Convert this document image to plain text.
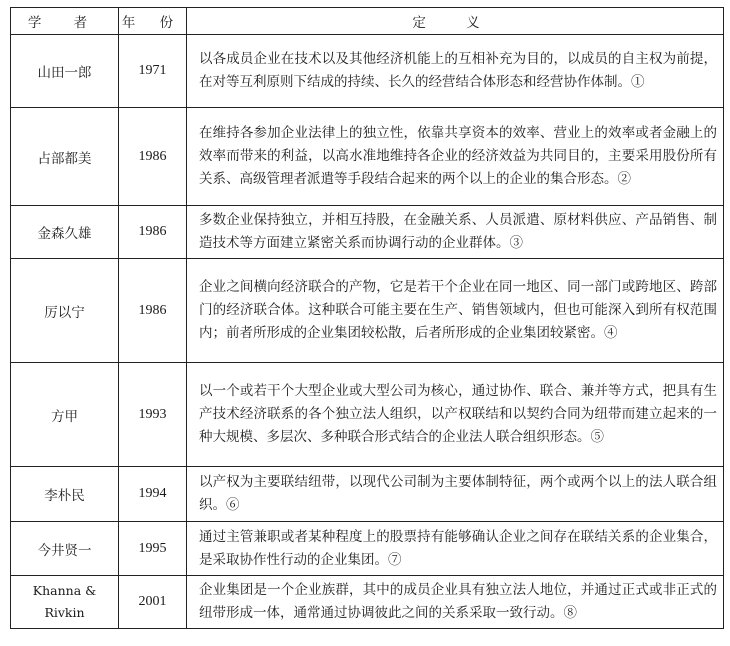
学 者	年 份	定 义
山田一郎	1971	以各成员企业在技术以及其他经济机能上的互相补充为目的，以成员的自主权为前提，在对等互利原则下结成的持续、长久的经营结合体形态和经营协作体制。①
占部都美	1986	在维持各参加企业法律上的独立性，依靠共享资本的效率、营业上的效率或者金融上的效率而带来的利益，以高水准地维持各企业的经济效益为共同目的，主要采用股份所有关系、高级管理者派遣等手段结合起来的两个以上的企业的集合形态。②
金森久雄	1986	多数企业保持独立，并相互持股，在金融关系、人员派遣、原材料供应、产品销售、制造技术等方面建立紧密关系而协调行动的企业群体。③
厉以宁	1986	企业之间横向经济联合的产物，它是若干个企业在同一地区、同一部门或跨地区、跨部门的经济联合体。这种联合可能主要在生产、销售领域内，但也可能深入到所有权范围内；前者所形成的企业集团较松散，后者所形成的企业集团较紧密。④
方甲	1993	以一个或若干个大型企业或大型公司为核心，通过协作、联合、兼并等方式，把具有生产技术经济联系的各个独立法人组织，以产权联结和以契约合同为纽带而建立起来的一种大规模、多层次、多种联合形式结合的企业法人联合组织形态。⑤
李朴民	1994	以产权为主要联结纽带，以现代公司制为主要体制特征，两个或两个以上的法人联合组织。⑥
今井贤一	1995	通过主管兼职或者某种程度上的股票持有能够确认企业之间存在联结关系的企业集合，是采取协作性行动的企业集团。⑦
Khanna & Rivkin	2001	企业集团是一个企业族群，其中的成员企业具有独立法人地位，并通过正式或非正式的纽带形成一体，通常通过协调彼此之间的关系采取一致行动。⑧
